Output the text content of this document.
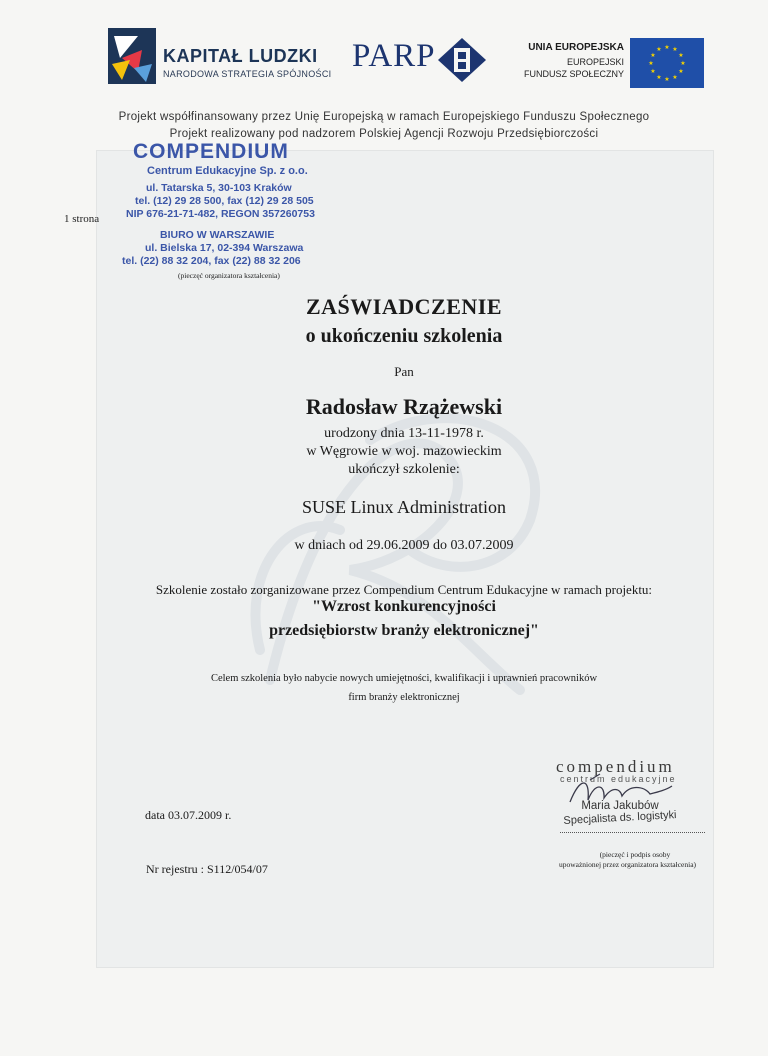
KAPITAŁ LUDZKI
NARODOWA STRATEGIA SPÓJNOŚCI PARP	UNIA EUROPEJSKA
EUROPEJSKI
FUNDUSZ SPOŁECZNY
★ ★
★
★
★
★
★
★
★
★
★
★
Projekt współfinansowany przez Unię Europejską w ramach Europejskiego Funduszu Społecznego
Projekt realizowany pod nadzorem Polskiej Agencji Rozwoju Przedsiębiorczości
COMPENDIUM
Centrum Edukacyjne Sp. z o.o.
ul. Tatarska 5, 30-103 Kraków
tel. (12) 29 28 500, fax (12) 29 28 505
NIP 676-21-71-482, REGON 357260753
BIURO W WARSZAWIE
ul. Bielska 17, 02-394 Warszawa
tel. (22) 88 32 204, fax (22) 88 32 206
1 strona
(pieczęć organizatora kształcenia)
ZAŚWIADCZENIE
o ukończeniu szkolenia
Pan
Radosław Rzążewski
urodzony dnia 13-11-1978 r.
w Węgrowie w woj. mazowieckim
ukończył szkolenie:
SUSE Linux Administration
w dniach od 29.06.2009 do 03.07.2009
Szkolenie zostało zorganizowane przez Compendium Centrum Edukacyjne w ramach projektu:
"Wzrost konkurencyjności
przedsiębiorstw branży elektronicznej"
Celem szkolenia było nabycie nowych umiejętności, kwalifikacji i uprawnień pracowników
firm branży elektronicznej
data 03.07.2009 r.
Nr rejestru : S112/054/07
compendium
centrum edukacyjne
Maria Jakubów
Specjalista ds. logistyki
(pieczęć i podpis osoby
upoważnionej przez organizatora kształcenia)
